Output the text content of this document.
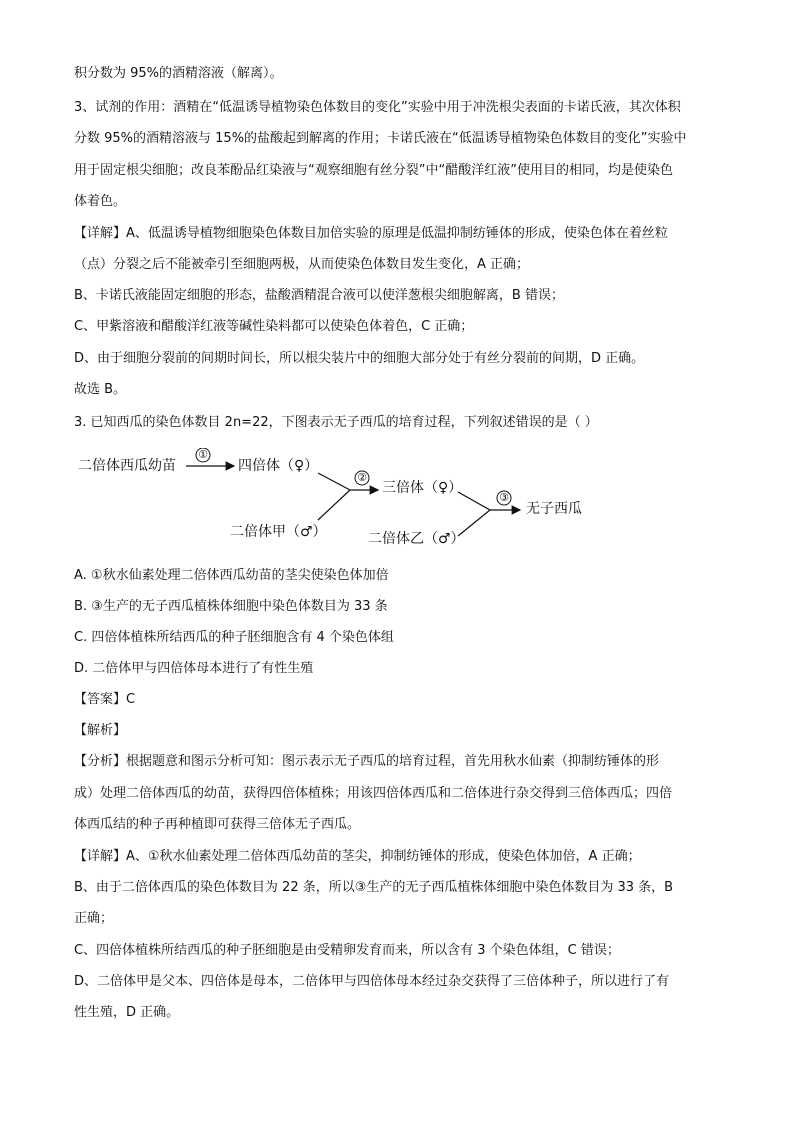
积分数为 95%的酒精溶液（解离）。
3、试剂的作用：酒精在“低温诱导植物染色体数目的变化”实验中用于冲洗根尖表面的卡诺氏液，其次体积
分数 95%的酒精溶液与 15%的盐酸起到解离的作用；卡诺氏液在“低温诱导植物染色体数目的变化”实验中
用于固定根尖细胞；改良苯酚品红染液与“观察细胞有丝分裂”中“醋酸洋红液”使用目的相同，均是使染色
体着色。
【详解】A、低温诱导植物细胞染色体数目加倍实验的原理是低温抑制纺锤体的形成，使染色体在着丝粒
（点）分裂之后不能被牵引至细胞两极，从而使染色体数目发生变化，A 正确；
B、卡诺氏液能固定细胞的形态，盐酸酒精混合液可以使洋葱根尖细胞解离，B 错误；
C、甲紫溶液和醋酸洋红液等碱性染料都可以使染色体着色，C 正确；
D、由于细胞分裂前的间期时间长，所以根尖装片中的细胞大部分处于有丝分裂前的间期，D 正确。
故选 B。
3. 已知西瓜的染色体数目 2n=22，下图表示无子西瓜的培育过程，下列叙述错误的是（ ）
二倍体西瓜幼苗
①
四倍体（♀）
②
三倍体（♀）
③
无子西瓜
二倍体甲（♂）	二倍体乙（♂）
A. ①秋水仙素处理二倍体西瓜幼苗的茎尖使染色体加倍
B. ③生产的无子西瓜植株体细胞中染色体数目为 33 条
C. 四倍体植株所结西瓜的种子胚细胞含有 4 个染色体组
D. 二倍体甲与四倍体母本进行了有性生殖
【答案】C
【解析】
【分析】根据题意和图示分析可知：图示表示无子西瓜的培育过程，首先用秋水仙素（抑制纺锤体的形
成）处理二倍体西瓜的幼苗，获得四倍体植株；用该四倍体西瓜和二倍体进行杂交得到三倍体西瓜；四倍
体西瓜结的种子再种植即可获得三倍体无子西瓜。
【详解】A、①秋水仙素处理二倍体西瓜幼苗的茎尖，抑制纺锤体的形成，使染色体加倍，A 正确；
B、由于二倍体西瓜的染色体数目为 22 条，所以③生产的无子西瓜植株体细胞中染色体数目为 33 条，B
正确；
C、四倍体植株所结西瓜的种子胚细胞是由受精卵发育而来，所以含有 3 个染色体组，C 错误；
D、二倍体甲是父本、四倍体是母本，二倍体甲与四倍体母本经过杂交获得了三倍体种子，所以进行了有
性生殖，D 正确。
